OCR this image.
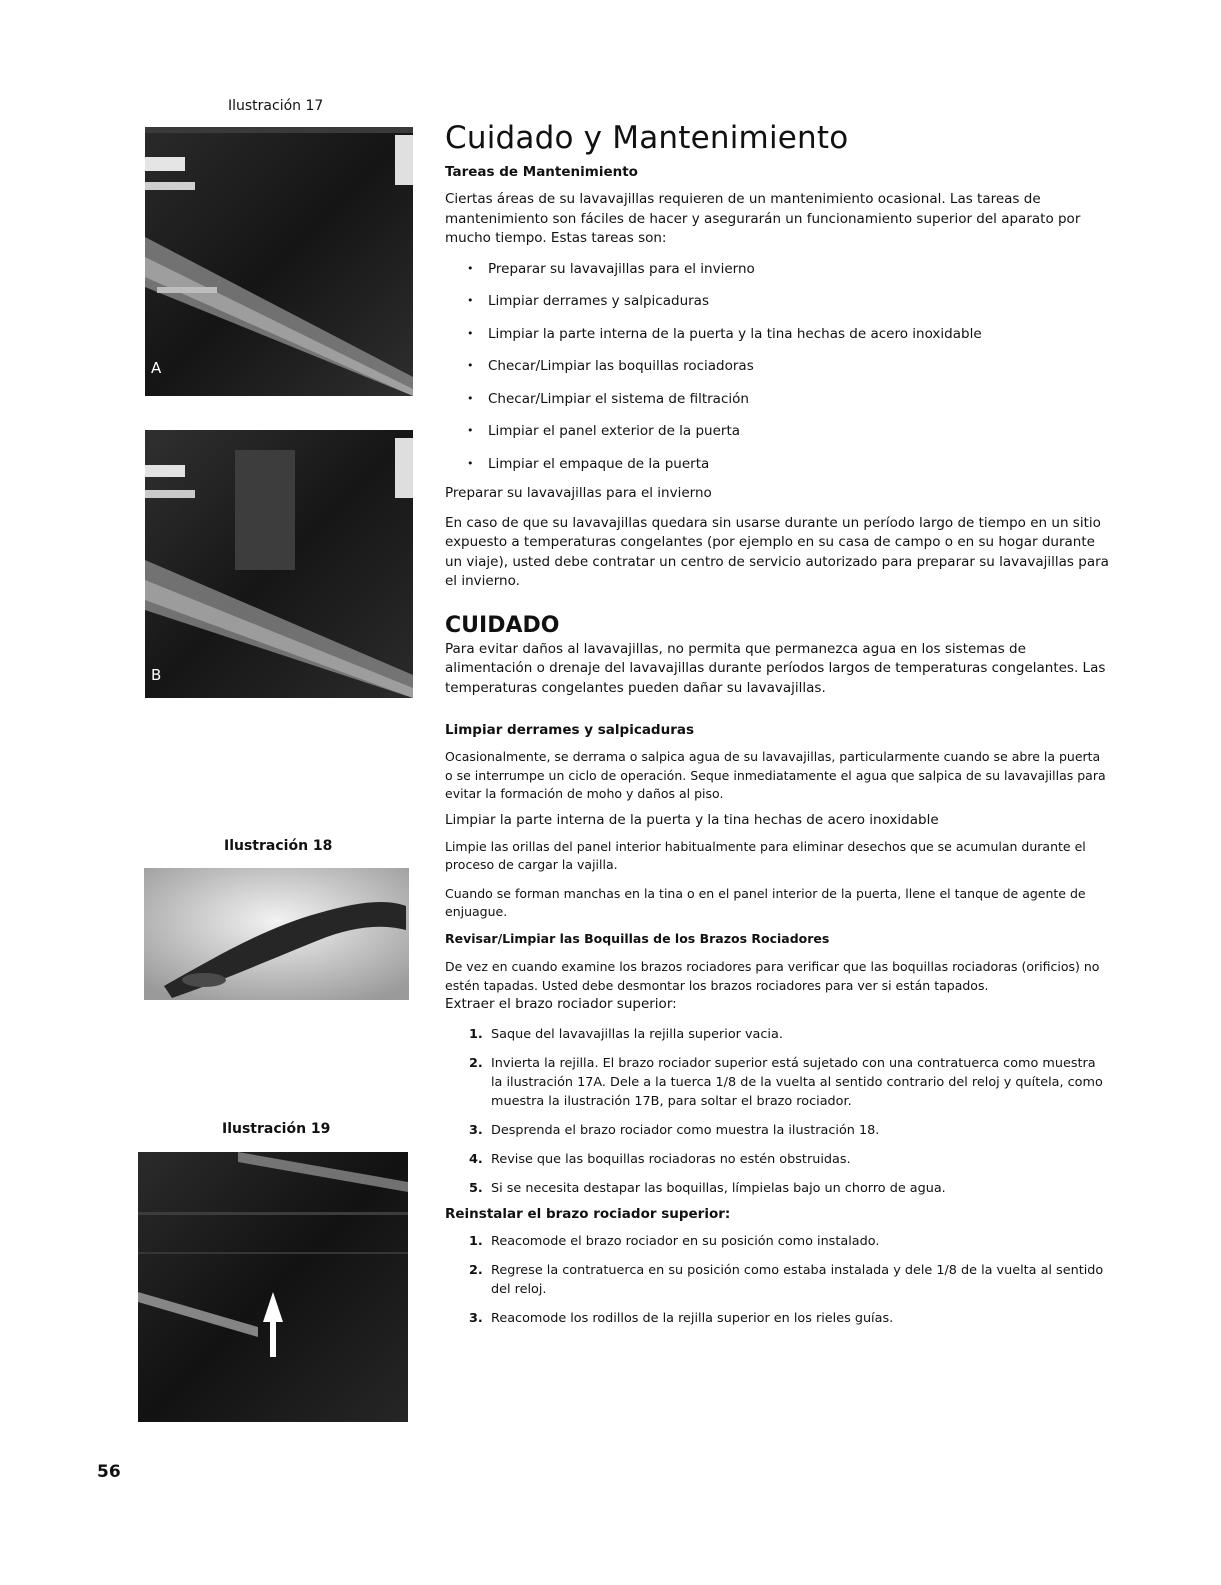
Ilustración 17
A
B
Ilustración 18
Ilustración 19
Cuidado y Mantenimiento
Tareas de Mantenimiento

Ciertas áreas de su lavavajillas requieren de un mantenimiento ocasional. Las tareas de mantenimiento son fáciles de hacer y asegurarán un funcionamiento superior del aparato por mucho tiempo. Estas tareas son:

• Preparar su lavavajillas para el invierno
• Limpiar derrames y salpicaduras
• Limpiar la parte interna de la puerta y la tina hechas de acero inoxidable
• Checar/Limpiar las boquillas rociadoras
• Checar/Limpiar el sistema de filtración
• Limpiar el panel exterior de la puerta
• Limpiar el empaque de la puerta

Preparar su lavavajillas para el invierno

En caso de que su lavavajillas quedara sin usarse durante un período largo de tiempo en un sitio expuesto a temperaturas congelantes (por ejemplo en su casa de campo o en su hogar durante un viaje), usted debe contratar un centro de servicio autorizado para preparar su lavavajillas para el invierno.

CUIDADO

Para evitar daños al lavavajillas, no permita que permanezca agua en los sistemas de alimentación o drenaje del lavavajillas durante períodos largos de temperaturas congelantes. Las temperaturas congelantes pueden dañar su lavavajillas.

Limpiar derrames y salpicaduras

Ocasionalmente, se derrama o salpica agua de su lavavajillas, particularmente cuando se abre la puerta o se interrumpe un ciclo de operación. Seque inmediatamente el agua que salpica de su lavavajillas para evitar la formación de moho y daños al piso.

Limpiar la parte interna de la puerta y la tina hechas de acero inoxidable

Limpie las orillas del panel interior habitualmente para eliminar desechos que se acumulan durante el proceso de cargar la vajilla.

Cuando se forman manchas en la tina o en el panel interior de la puerta, llene el tanque de agente de enjuague.

Revisar/Limpiar las Boquillas de los Brazos Rociadores

De vez en cuando examine los brazos rociadores para verificar que las boquillas rociadoras (orificios) no estén tapadas. Usted debe desmontar los brazos rociadores para ver si están tapados.

Extraer el brazo rociador superior:

1. Saque del lavavajillas la rejilla superior vacia.
2. Invierta la rejilla. El brazo rociador superior está sujetado con una contratuerca como muestra la ilustración 17A. Dele a la tuerca 1/8 de la vuelta al sentido contrario del reloj y quítela, como muestra la ilustración 17B, para soltar el brazo rociador.
3. Desprenda el brazo rociador como muestra la ilustración 18.
4. Revise que las boquillas rociadoras no estén obstruidas.
5. Si se necesita destapar las boquillas, límpielas bajo un chorro de agua.
Reinstalar el brazo rociador superior:
1. Reacomode el brazo rociador en su posición como instalado.
2. Regrese la contratuerca en su posición como estaba instalada y dele 1/8 de la vuelta al sentido del reloj.
3. Reacomode los rodillos de la rejilla superior en los rieles guías.
56
